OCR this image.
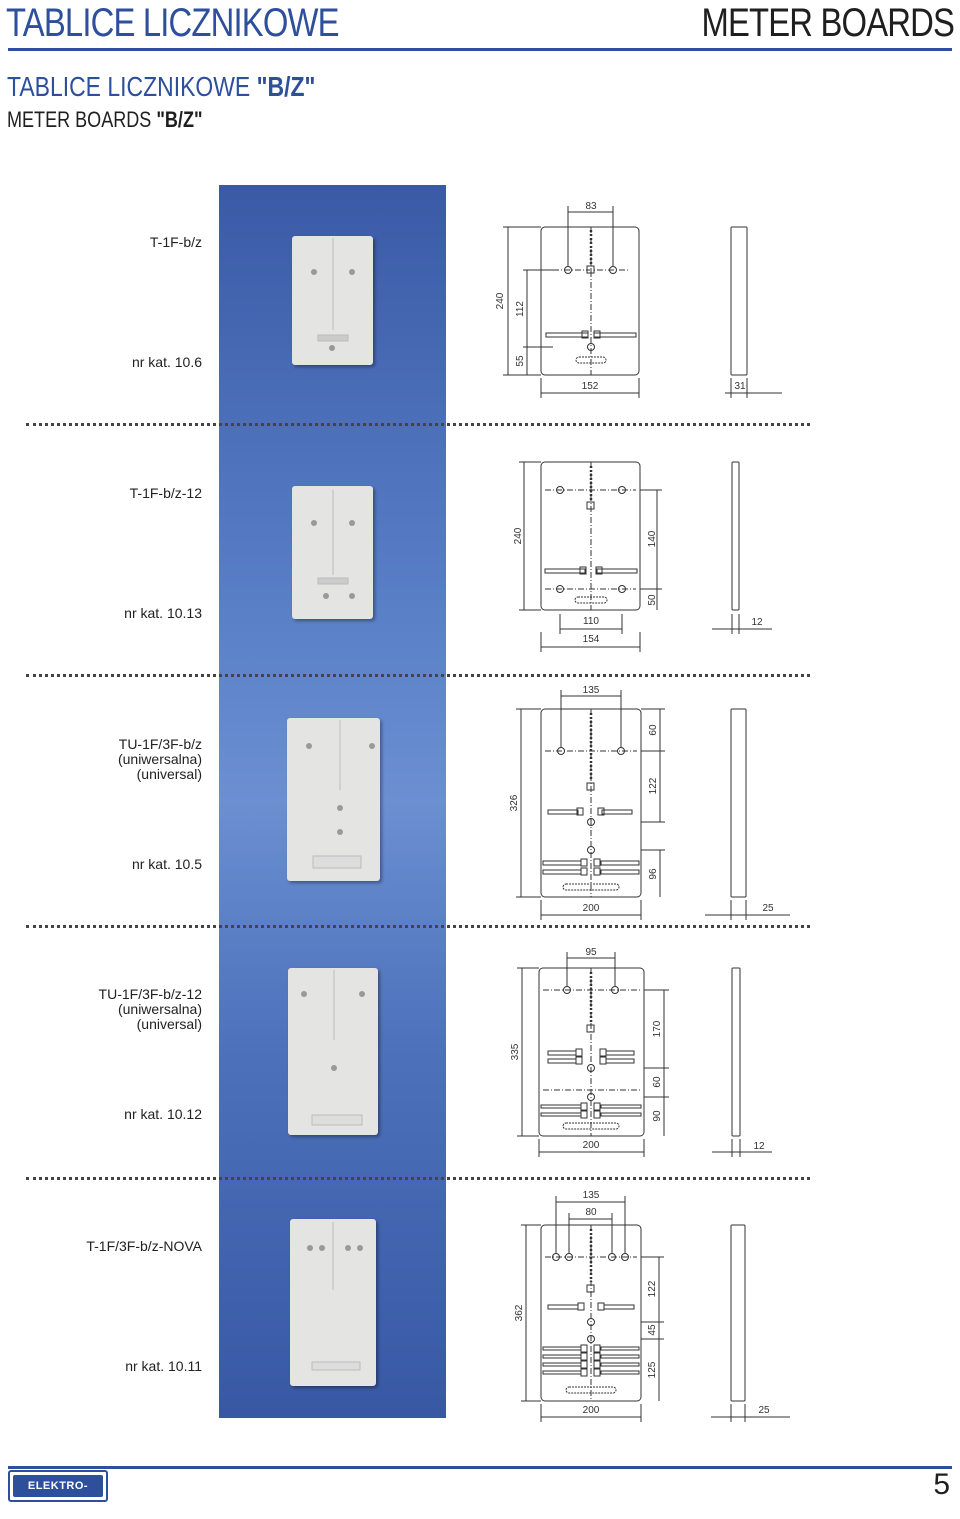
TABLICE LICZNIKOWE	METER BOARDS
TABLICE LICZNIKOWE "B/Z"
METER BOARDS "B/Z"
T-1F-b/z
nr kat. 10.6
T-1F-b/z-12
nr kat. 10.13
TU-1F/3F-b/z
(uniwersalna)
(universal)
nr kat. 10.5
TU-1F/3F-b/z-12
(uniwersalna)
(universal)
nr kat. 10.12
T-1F/3F-b/z-NOVA
nr kat. 10.11
83
240 112
55
152	31
240	140
50
110
154
12
135
60
122
326
96
200	25
95
170
335
60
90
200	12
135
80
122
362
45
125
200	25
ELEKTRO-PLAST
5
